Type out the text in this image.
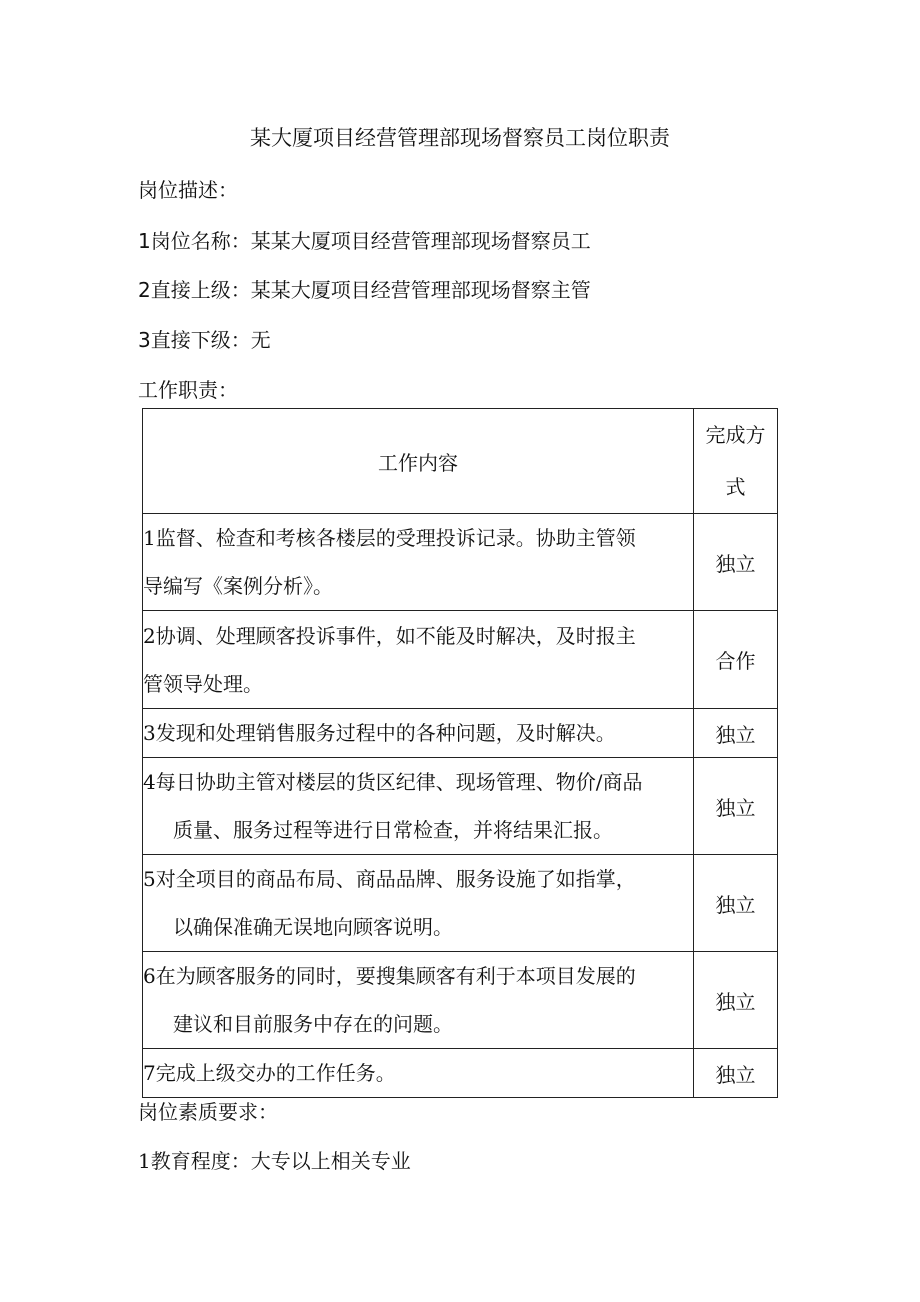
某大厦项目经营管理部现场督察员工岗位职责
岗位描述：
1岗位名称：某某大厦项目经营管理部现场督察员工
2直接上级：某某大厦项目经营管理部现场督察主管
3直接下级：无
工作职责：
工作内容	完成方
式

1监督、检查和考核各楼层的受理投诉记录。协助主管领
导编写《案例分析》。	独立

2协调、处理顾客投诉事件，如不能及时解决，及时报主
管领导处理。	合作

3发现和处理销售服务过程中的各种问题，及时解决。	独立

4每日协助主管对楼层的货区纪律、现场管理、物价/商品
质量、服务过程等进行日常检查，并将结果汇报。	独立

5对全项目的商品布局、商品品牌、服务设施了如指掌，
以确保准确无误地向顾客说明。	独立

6在为顾客服务的同时，要搜集顾客有利于本项目发展的
建议和目前服务中存在的问题。	独立

7完成上级交办的工作任务。	独立
岗位素质要求：
1教育程度：大专以上相关专业
